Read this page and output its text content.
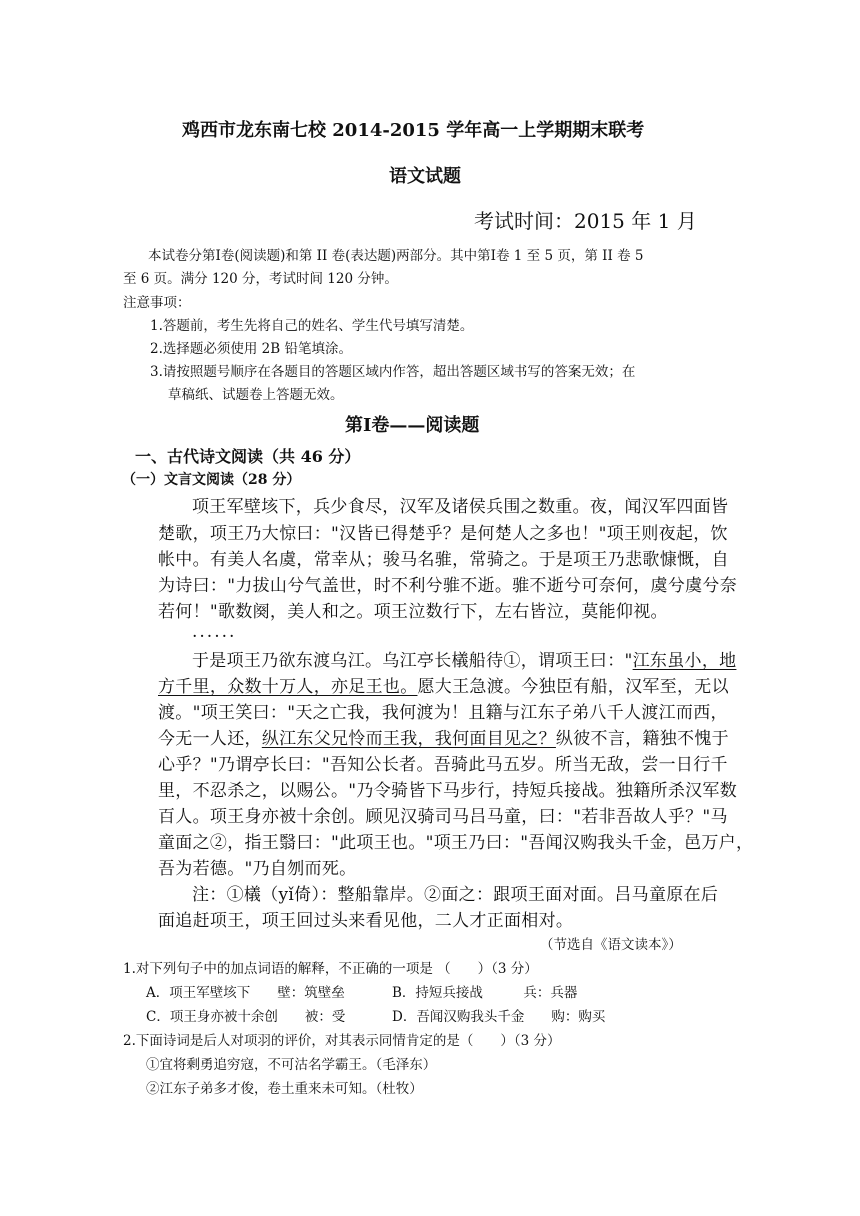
鸡西市龙东南七校 2014-2015 学年高一上学期期末联考
语文试题
考试时间：2015 年 1 月
本试卷分第Ⅰ卷(阅读题)和第 II 卷(表达题)两部分。其中第Ⅰ卷 1 至 5 页，第 II 卷 5
至 6 页。满分 120 分，考试时间 120 分钟。
注意事项：
1.答题前，考生先将自己的姓名、学生代号填写清楚。
2.选择题必须使用 2B 铅笔填涂。
3.请按照题号顺序在各题目的答题区域内作答，超出答题区域书写的答案无效；在
草稿纸、试题卷上答题无效。
第Ⅰ卷——阅读题
一、古代诗文阅读（共 46 分）
（一）文言文阅读（28 分）
项王军壁垓下，兵少食尽，汉军及诸侯兵围之数重。夜，闻汉军四面皆
楚歌，项王乃大惊曰："汉皆已得楚乎？是何楚人之多也！"项王则夜起，饮
帐中。有美人名虞，常幸从；骏马名骓，常骑之。于是项王乃悲歌慷慨，自
为诗曰："力拔山兮气盖世，时不利兮骓不逝。骓不逝兮可奈何，虞兮虞兮奈
若何！"歌数阕，美人和之。项王泣数行下，左右皆泣，莫能仰视。
......
于是项王乃欲东渡乌江。乌江亭长檥船待①，谓项王曰："江东虽小，地
方千里，众数十万人，亦足王也。愿大王急渡。今独臣有船，汉军至，无以
渡。"项王笑曰："天之亡我，我何渡为！且籍与江东子弟八千人渡江而西，
今无一人还，纵江东父兄怜而王我，我何面目见之？纵彼不言，籍独不愧于
心乎？"乃谓亭长曰："吾知公长者。吾骑此马五岁。所当无敌，尝一日行千
里，不忍杀之，以赐公。"乃令骑皆下马步行，持短兵接战。独籍所杀汉军数
百人。项王身亦被十余创。顾见汉骑司马吕马童，曰："若非吾故人乎？"马
童面之②，指王翳曰："此项王也。"项王乃曰："吾闻汉购我头千金，邑万户，
吾为若德。"乃自刎而死。
注：①檥（yǐ倚）：整船靠岸。②面之：跟项王面对面。吕马童原在后
面追赶项王，项王回过头来看见他，二人才正面相对。
（节选自《语文读本》）
1.对下列句子中的加点词语的解释，不正确的一项是 （　　）（3 分）
A．项王军壁垓下　　壁：筑壁垒	B．持短兵接战　　　兵：兵器
C．项王身亦被十余创　　被：受	D．吾闻汉购我头千金　　购：购买
2.下面诗词是后人对项羽的评价，对其表示同情肯定的是（　　）（3 分）
①宜将剩勇追穷寇，不可沽名学霸王。（毛泽东）
②江东子弟多才俊，卷土重来未可知。（杜牧）
